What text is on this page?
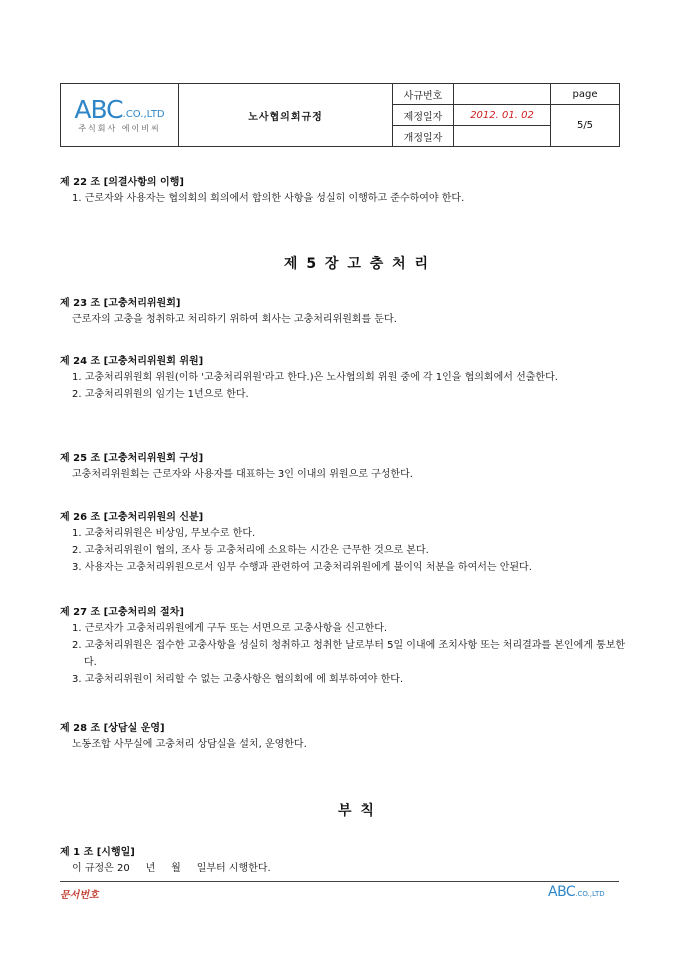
ABC.CO.,LTD
주식회사 에이비씨	노사협의회규정	사규번호		page
		제정일자	2012. 01. 02	5/5
		개정일자		
제 22 조 [의결사항의 이행]
1. 근로자와 사용자는 협의회의 회의에서 합의한 사항을 성실히 이행하고 준수하여야 한다.
제 5 장 고 충 처 리
제 23 조 [고충처리위원회]
근로자의 고충을 청취하고 처리하기 위하여 회사는 고충처리위원회를 둔다.
제 24 조 [고충처리위원회 위원]
1. 고충처리위원회 위원(이하 '고충처리위원'라고 한다.)은 노사협의회 위원 중에 각 1인을 협의회에서 선출한다.
2. 고충처리위원의 임기는 1년으로 한다.
제 25 조 [고충처리위원회 구성]
고충처리위원회는 근로자와 사용자를 대표하는 3인 이내의 위원으로 구성한다.
제 26 조 [고충처리위원의 신분]
1. 고충처리위원은 비상임, 무보수로 한다.
2. 고충처리위원이 협의, 조사 등 고충처리에 소요하는 시간은 근무한 것으로 본다.
3. 사용자는 고충처리위원으로서 임무 수행과 관련하여 고충처리위원에게 불이익 처분을 하여서는 안된다.
제 27 조 [고충처리의 절차]
1. 근로자가 고충처리위원에게 구두 또는 서면으로 고충사항을 신고한다.
2. 고충처리위원은 접수한 고충사항을 성실히 청취하고 청취한 날로부터 5일 이내에 조치사항 또는 처리결과를 본인에게 통보한다.
3. 고충처리위원이 처리할 수 없는 고충사항은 협의회에 에 회부하여야 한다.
제 28 조 [상담실 운영]
노동조합 사무실에 고충처리 상담실을 설치, 운영한다.
부 칙
제 1 조 [시행일]
이 규정은 20     년     월     일부터 시행한다.
문서번호	ABC.CO.,LTD
